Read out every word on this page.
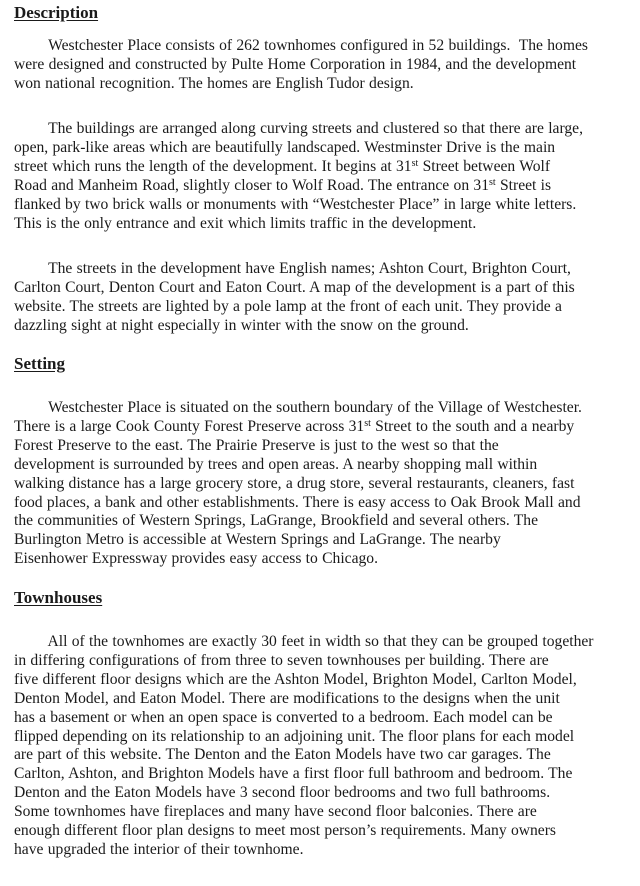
Description

Westchester Place consists of 262 townhomes configured in 52 buildings.  The homes
were designed and constructed by Pulte Home Corporation in 1984, and the development
won national recognition. The homes are English Tudor design.

The buildings are arranged along curving streets and clustered so that there are large,
open, park-like areas which are beautifully landscaped. Westminster Drive is the main
street which runs the length of the development. It begins at 31st Street between Wolf
Road and Manheim Road, slightly closer to Wolf Road. The entrance on 31st Street is
flanked by two brick walls or monuments with “Westchester Place” in large white letters.
This is the only entrance and exit which limits traffic in the development.

The streets in the development have English names; Ashton Court, Brighton Court,
Carlton Court, Denton Court and Eaton Court. A map of the development is a part of this
website. The streets are lighted by a pole lamp at the front of each unit. They provide a
dazzling sight at night especially in winter with the snow on the ground.

Setting

Westchester Place is situated on the southern boundary of the Village of Westchester.
There is a large Cook County Forest Preserve across 31st Street to the south and a nearby
Forest Preserve to the east. The Prairie Preserve is just to the west so that the
development is surrounded by trees and open areas. A nearby shopping mall within
walking distance has a large grocery store, a drug store, several restaurants, cleaners, fast
food places, a bank and other establishments. There is easy access to Oak Brook Mall and
the communities of Western Springs, LaGrange, Brookfield and several others. The
Burlington Metro is accessible at Western Springs and LaGrange. The nearby
Eisenhower Expressway provides easy access to Chicago.

Townhouses

All of the townhomes are exactly 30 feet in width so that they can be grouped together
in differing configurations of from three to seven townhouses per building. There are
five different floor designs which are the Ashton Model, Brighton Model, Carlton Model,
Denton Model, and Eaton Model. There are modifications to the designs when the unit
has a basement or when an open space is converted to a bedroom. Each model can be
flipped depending on its relationship to an adjoining unit. The floor plans for each model
are part of this website. The Denton and the Eaton Models have two car garages. The
Carlton, Ashton, and Brighton Models have a first floor full bathroom and bedroom. The
Denton and the Eaton Models have 3 second floor bedrooms and two full bathrooms.
Some townhomes have fireplaces and many have second floor balconies. There are
enough different floor plan designs to meet most person’s requirements. Many owners
have upgraded the interior of their townhome.
